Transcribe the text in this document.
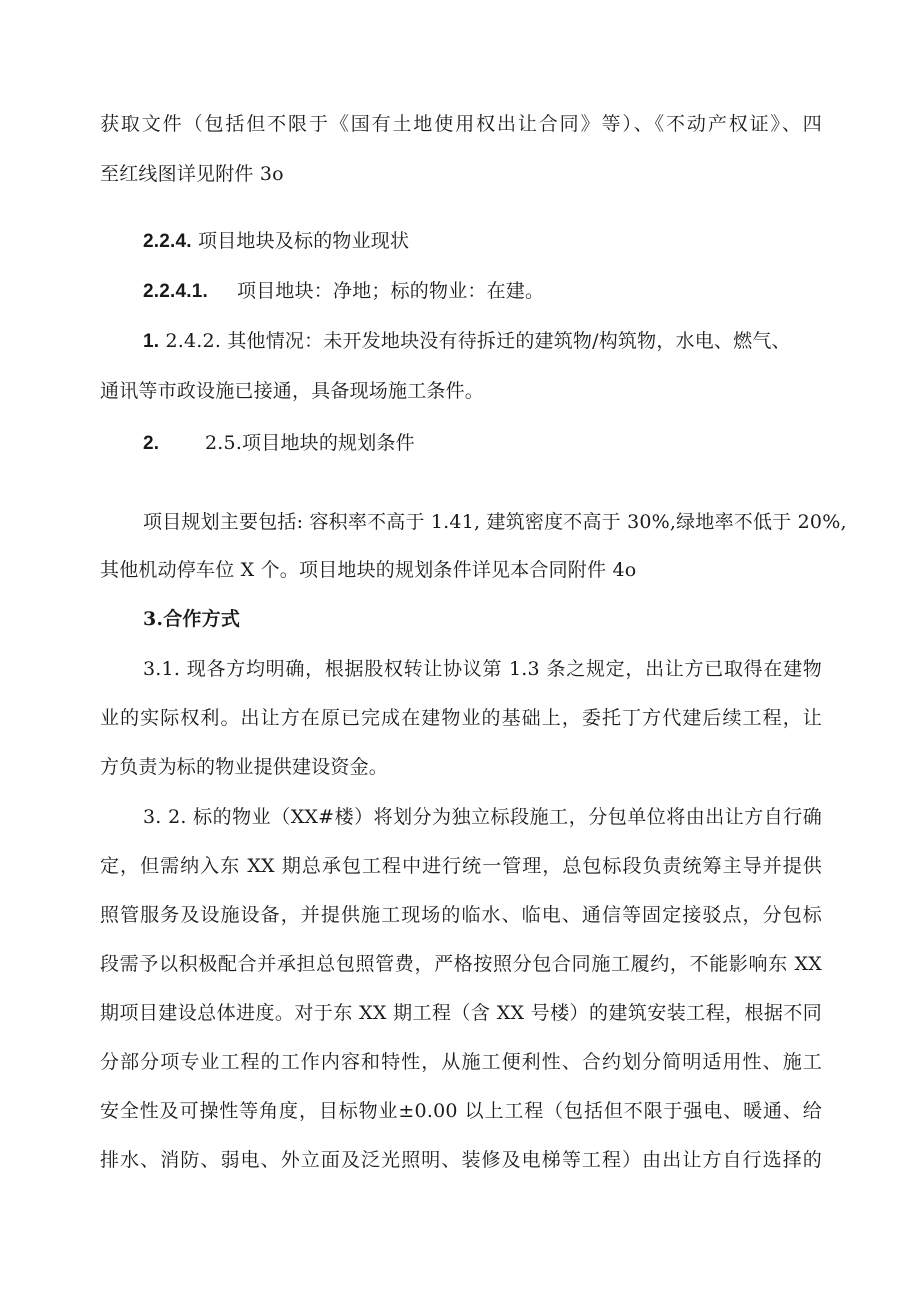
获取文件（包括但不限于《国有土地使用权出让合同》等）、《不动产权证》、四
至红线图详见附件 3o
2.2.4. 项目地块及标的物业现状
2.2.4.1. 项目地块：净地；标的物业：在建。
1. 2.4.2. 其他情况：未开发地块没有待拆迁的建筑物/构筑物，水电、燃气、
通讯等市政设施已接通，具备现场施工条件。
2. 2.5.项目地块的规划条件
项目规划主要包括: 容积率不高于 1.41, 建筑密度不高于 30%,绿地率不低于 20%,
其他机动停车位 X 个。项目地块的规划条件详见本合同附件 4o
3.合作方式
3.1. 现各方均明确，根据股权转让协议第 1.3 条之规定，出让方已取得在建物
业的实际权利。出让方在原已完成在建物业的基础上，委托丁方代建后续工程，让
方负责为标的物业提供建设资金。
3. 2. 标的物业（XX#楼）将划分为独立标段施工，分包单位将由出让方自行确
定，但需纳入东 XX 期总承包工程中进行统一管理，总包标段负责统筹主导并提供
照管服务及设施设备，并提供施工现场的临水、临电、通信等固定接驳点，分包标
段需予以积极配合并承担总包照管费，严格按照分包合同施工履约，不能影响东 XX
期项目建设总体进度。对于东 XX 期工程（含 XX 号楼）的建筑安装工程，根据不同
分部分项专业工程的工作内容和特性，从施工便利性、合约划分简明适用性、施工
安全性及可操性等角度，目标物业±0.00 以上工程（包括但不限于强电、暖通、给
排水、消防、弱电、外立面及泛光照明、装修及电梯等工程）由出让方自行选择的
